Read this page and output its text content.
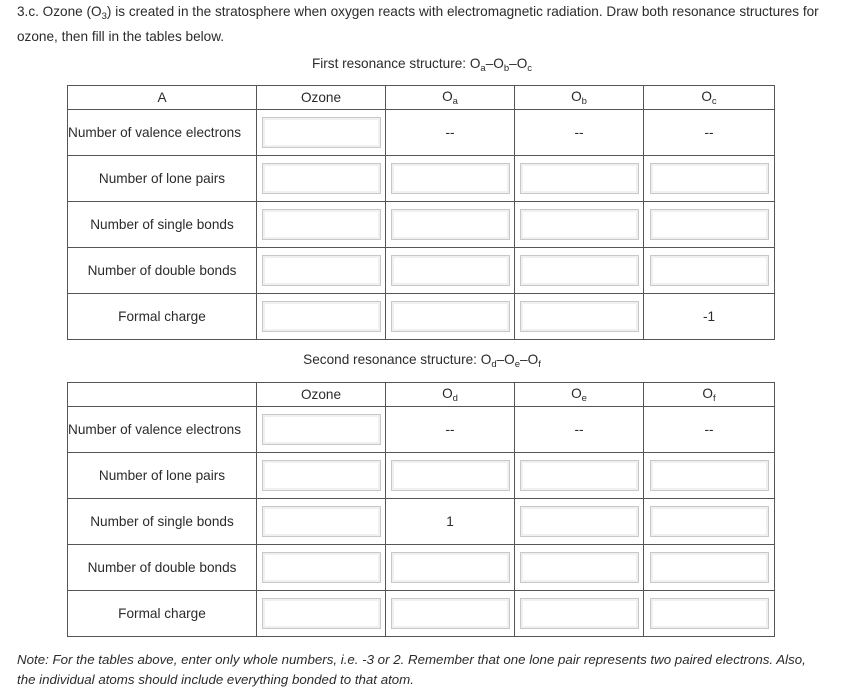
3.c. Ozone $(O_3)$ is created in the stratosphere when oxygen reacts with electromagnetic radiation. Draw both resonance structures for ozone, then fill in the tables below.
First resonance structure: $O_a-O_b-O_c$
A	Ozone	$O_a$	$O_b$	$O_c$
Number of valence electrons		--	--	--
Number of lone pairs	

Number of single bonds	

Number of double bonds	

Formal charge				-1
Second resonance structure: $O_d-O_e-O_f$
	Ozone	$O_d$	$O_e$	$O_f$
Number of valence electrons		--	--	--
Number of lone pairs	

Number of single bonds		1	

Number of double bonds	

Formal charge	

Note: For the tables above, enter only whole numbers, i.e. -3 or 2. Remember that one lone pair represents two paired electrons. Also, the individual atoms should include everything bonded to that atom.
